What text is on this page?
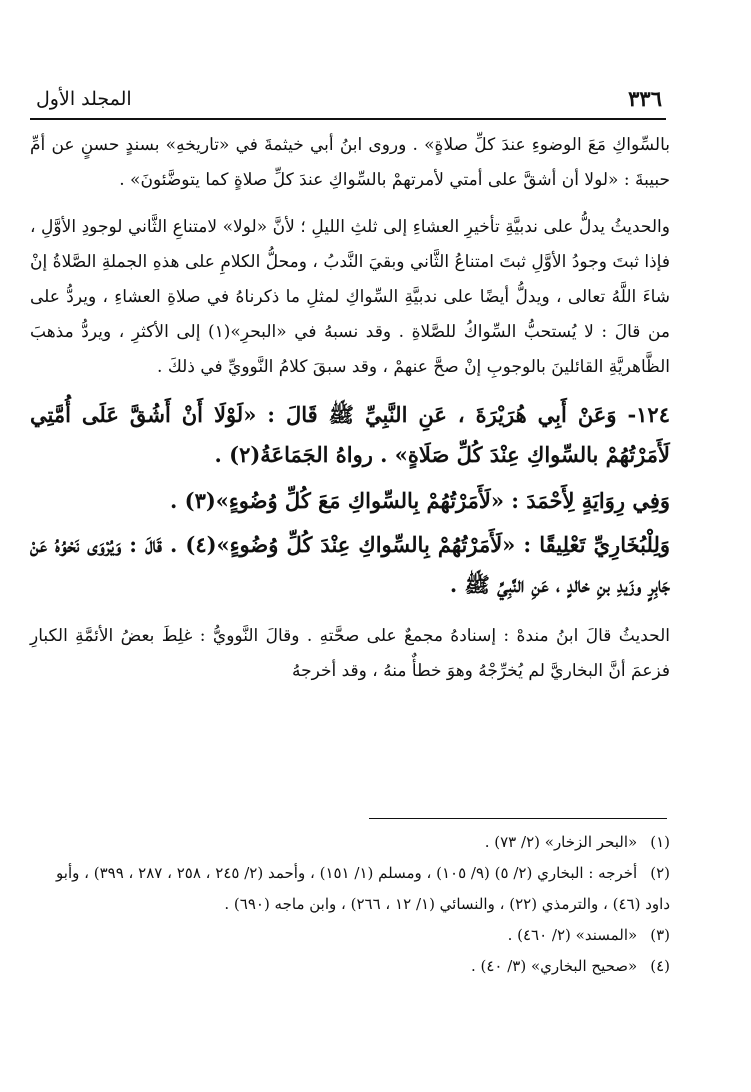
المجلد الأول	٣٣٦

بالسِّواكِ مَعَ الوضوءِ عندَ كلِّ صلاةٍ» . وروى ابنُ أبي خيثمةَ في «تاريخهِ» بسندٍ حسنٍ عن أمِّ حبيبةَ : «لولا أن أشقَّ على أمتي لأمرتهمْ بالسِّواكِ عندَ كلِّ صلاةٍ كما يتوضَّئونَ» .

والحديثُ يدلُّ على ندبيَّةِ تأخيرِ العشاءِ إلى ثلثِ الليلِ ؛ لأنَّ «لولا» لامتناعِ الثَّاني لوجودِ الأوَّلِ ، فإذا ثبتَ وجودُ الأوَّلِ ثبتَ امتناعُ الثَّاني وبقيَ النَّدبُ ، ومحلُّ الكلامِ على هذهِ الجملةِ الصَّلاةُ إنْ شاءَ اللَّهُ تعالى ، ويدلُّ أيضًا على ندبيَّةِ السِّواكِ لمثلِ ما ذكرناهُ في صلاةِ العشاءِ ، ويردُّ على من قالَ : لا يُستحبُّ السِّواكُ للصَّلاةِ . وقد نسبهُ في «البحرِ»(١) إلى الأكثرِ ، ويردُّ مذهبَ الظَّاهريَّةِ القائلينَ بالوجوبِ إنْ صحَّ عنهمْ ، وقد سبقَ كلامُ النَّوويِّ في ذلكَ .

١٢٤- وَعَنْ أَبِي هُرَيْرَةَ ، عَنِ النَّبِيِّ ﷺ قَالَ : «لَوْلَا أَنْ أَشُقَّ عَلَى أُمَّتِي لَأَمَرْتُهُمْ بالسِّواكِ عِنْدَ كُلِّ صَلَاةٍ» . رواهُ الجَمَاعَةُ(٢) .

وَفِي رِوَايَةٍ لِأَحْمَدَ : «لَأَمَرْتُهُمْ بِالسِّواكِ مَعَ كُلِّ وُضُوءٍ»(٣) .

وَلِلْبُخَارِيِّ تَعْلِيقًا : «لَأَمَرْتُهُمْ بِالسِّواكِ عِنْدَ كُلِّ وُضُوءٍ»(٤) . قَالَ : وَيُرْوَى نَحْوُهُ عَنْ جَابِرٍ وزَيدِ بنِ خالدٍ ، عَنِ النَّبِيِّ ﷺ .

الحديثُ قالَ ابنُ مندهْ : إسنادهُ مجمعٌ على صحَّتهِ . وقالَ النَّوويُّ : غلِطَ بعضُ الأئمَّةِ الكبارِ فزعمَ أنَّ البخاريَّ لم يُخرِّجْهُ وهوَ خطأٌ منهُ ، وقد أخرجهُ

(١) «البحر الزخار» (٢/ ٧٣) .

(٢) أخرجه : البخاري (٢/ ٥) (٩/ ١٠٥) ، ومسلم (١/ ١٥١) ، وأحمد (٢/ ٢٤٥ ، ٢٥٨ ، ٢٨٧ ، ٣٩٩) ، وأبو داود (٤٦) ، والترمذي (٢٢) ، والنسائي (١/ ١٢ ، ٢٦٦) ، وابن ماجه (٦٩٠) .

(٣) «المسند» (٢/ ٤٦٠) .

(٤) «صحيح البخاري» (٣/ ٤٠) .
